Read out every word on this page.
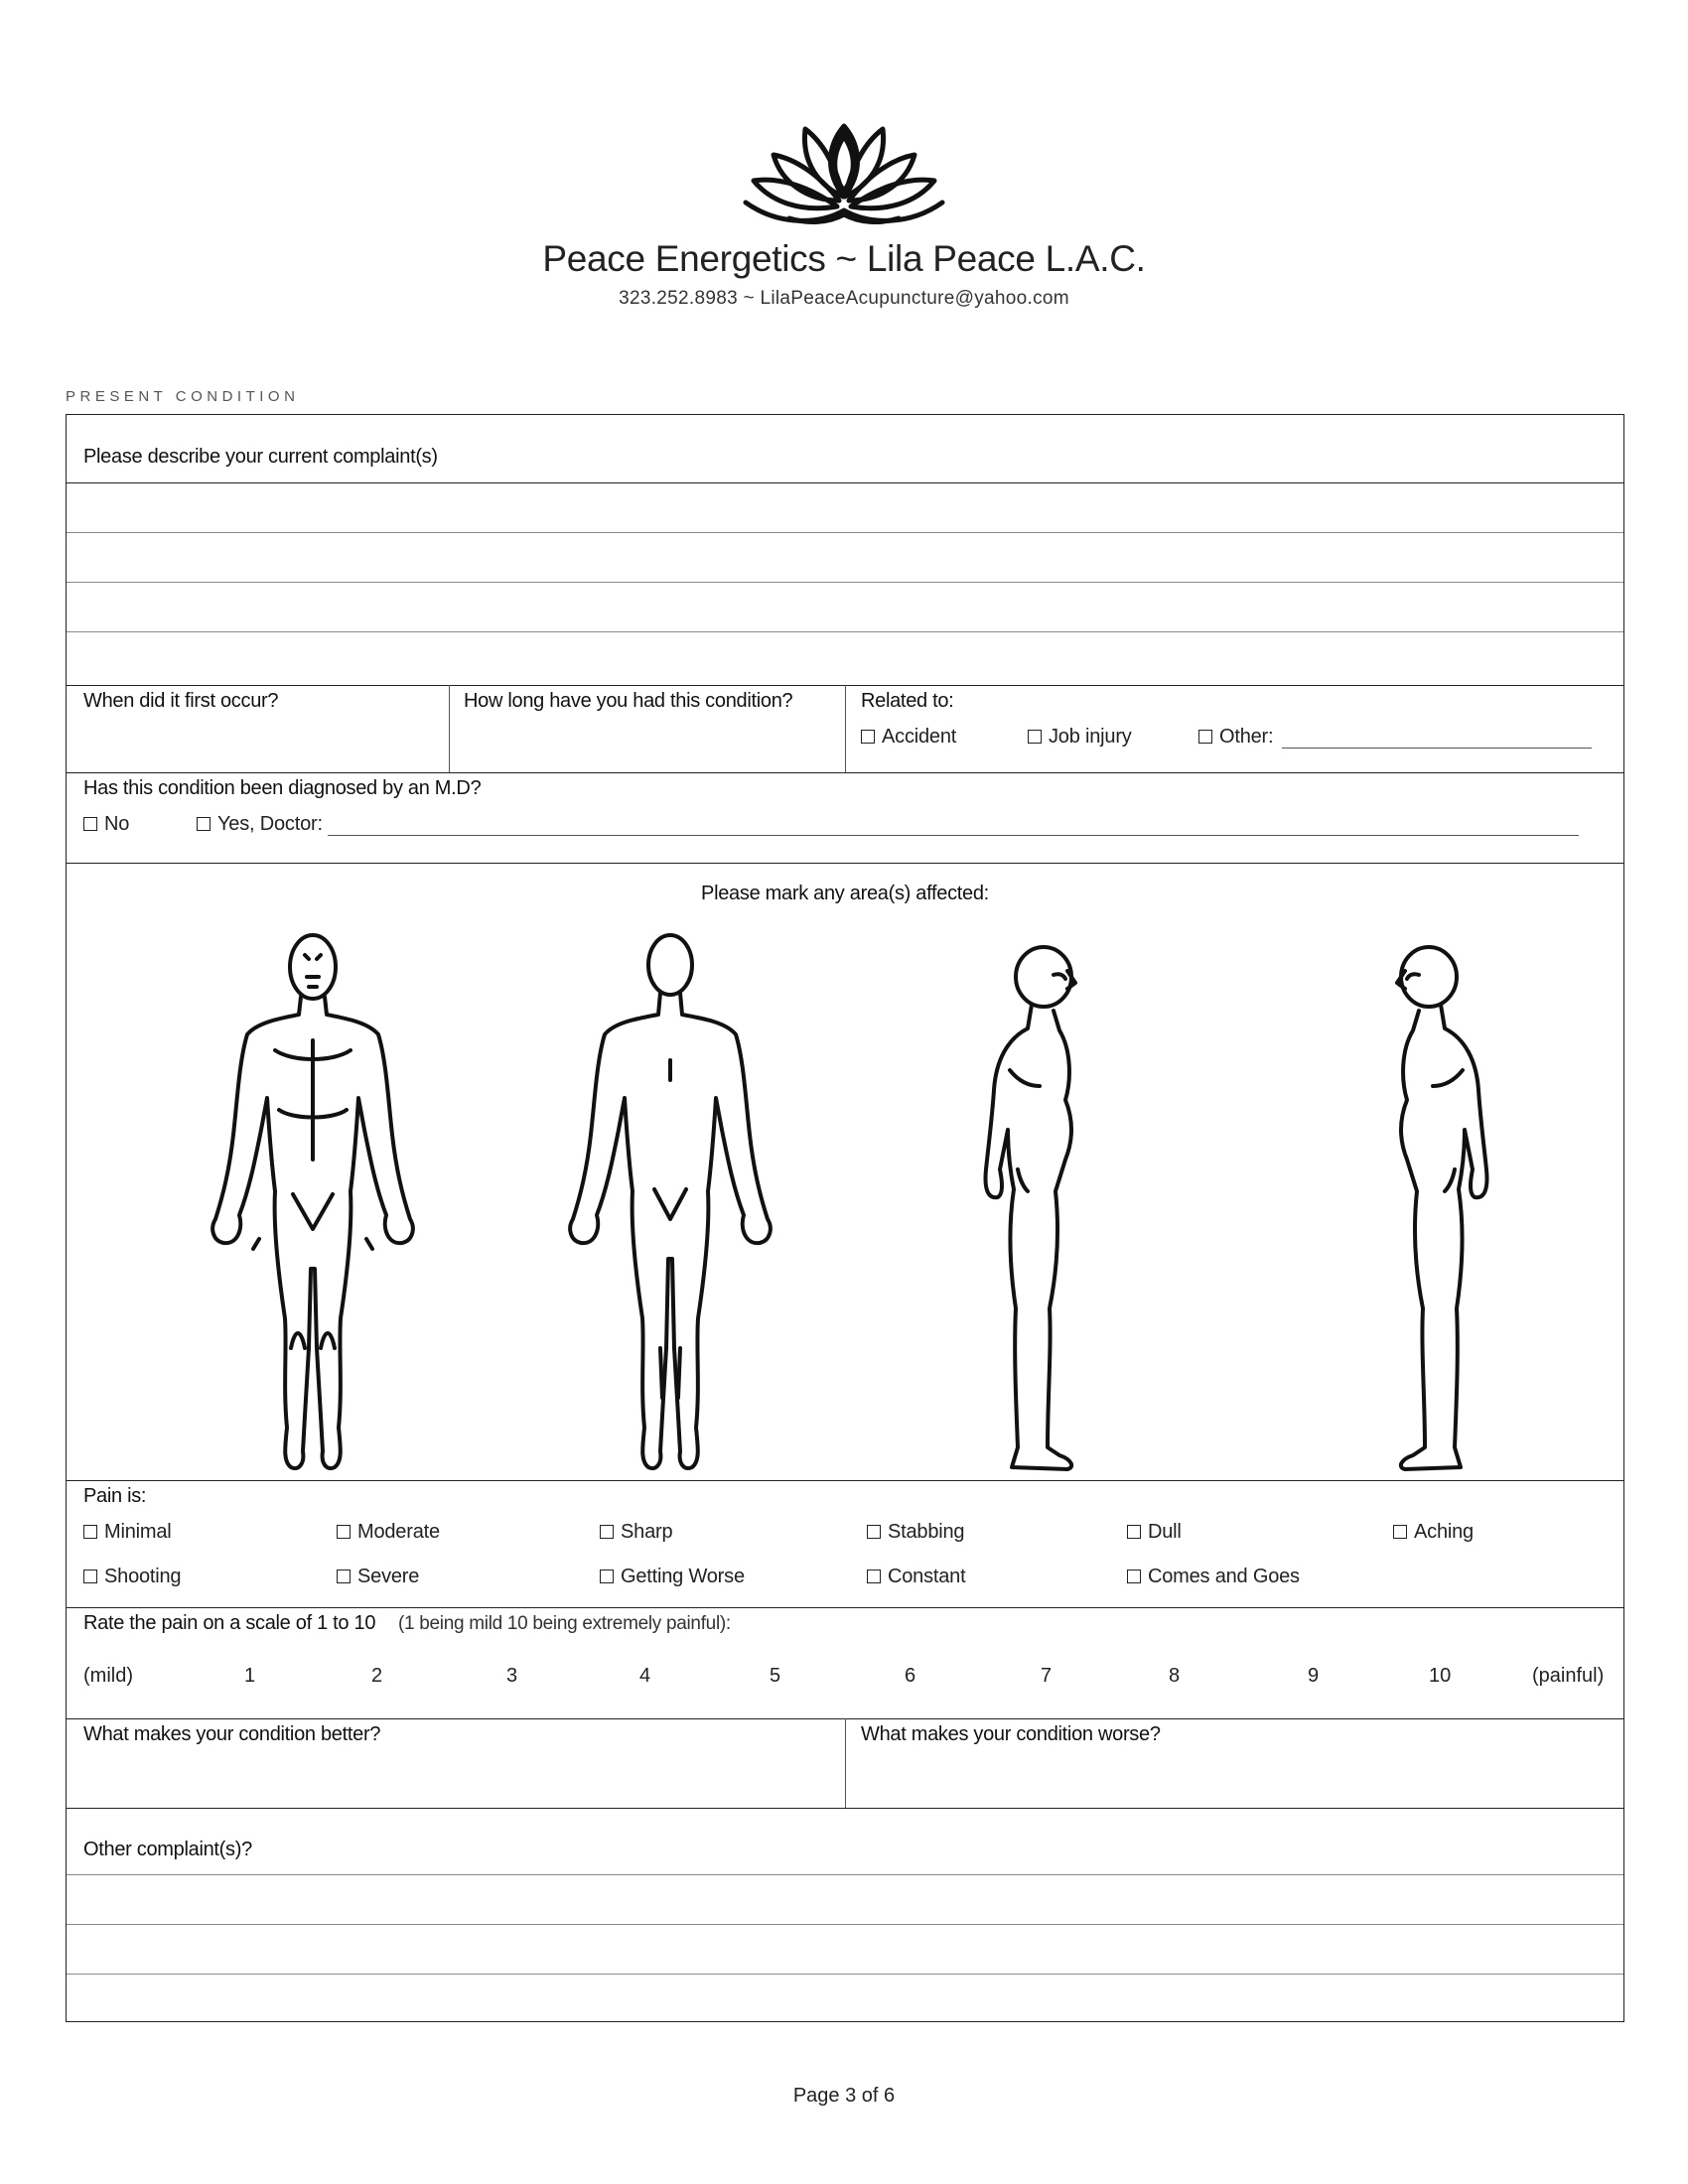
Peace Energetics ~ Lila Peace L.A.C.
323.252.8983 ~ LilaPeaceAcupuncture@yahoo.com
PRESENT CONDITION
Please describe your current complaint(s)
When did it first occur?	How long have you had this condition?	Related to:
Accident	Job injury	Other:
Has this condition been diagnosed by an M.D?
No	Yes, Doctor:
Please mark any area(s) affected:
Pain is:
Minimal	Moderate	Sharp	Stabbing	Dull	Aching
Shooting	Severe	Getting Worse	Constant	Comes and Goes
Rate the pain on a scale of 1 to 10 (1 being mild 10 being extremely painful):
(mild)	1	2	3	4	5	6	7	8	9	10	(painful)
What makes your condition better?	What makes your condition worse?
Other complaint(s)?
Page 3 of 6
